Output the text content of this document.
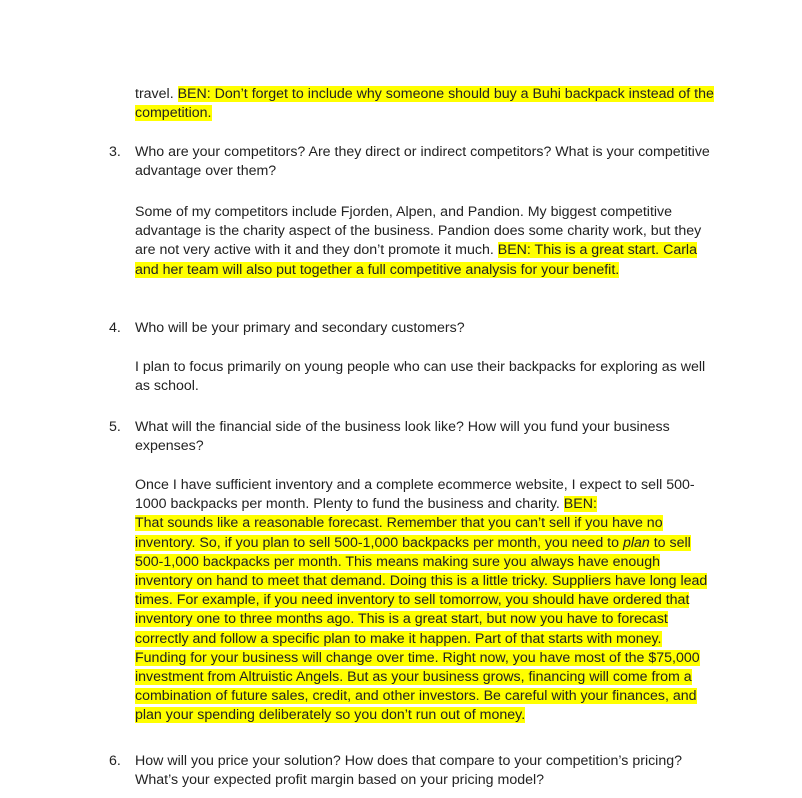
travel. BEN: Don’t forget to include why someone should buy a Buhi backpack instead of the competition.

3. Who are your competitors? Are they direct or indirect competitors? What is your competitive advantage over them?

Some of my competitors include Fjorden, Alpen, and Pandion. My biggest competitive advantage is the charity aspect of the business. Pandion does some charity work, but they are not very active with it and they don’t promote it much. BEN: This is a great start. Carla and her team will also put together a full competitive analysis for your benefit.

4. Who will be your primary and secondary customers?

I plan to focus primarily on young people who can use their backpacks for exploring as well as school.

5. What will the financial side of the business look like? How will you fund your business expenses?

Once I have sufficient inventory and a complete ecommerce website, I expect to sell 500-1000 backpacks per month. Plenty to fund the business and charity. BEN:
That sounds like a reasonable forecast. Remember that you can’t sell if you have no inventory. So, if you plan to sell 500-1,000 backpacks per month, you need to plan to sell 500-1,000 backpacks per month. This means making sure you always have enough inventory on hand to meet that demand. Doing this is a little tricky. Suppliers have long lead times. For example, if you need inventory to sell tomorrow, you should have ordered that inventory one to three months ago. This is a great start, but now you have to forecast correctly and follow a specific plan to make it happen. Part of that starts with money. Funding for your business will change over time. Right now, you have most of the $75,000 investment from Altruistic Angels. But as your business grows, financing will come from a combination of future sales, credit, and other investors. Be careful with your finances, and plan your spending deliberately so you don’t run out of money.

6. How will you price your solution? How does that compare to your competition’s pricing? What’s your expected profit margin based on your pricing model?
